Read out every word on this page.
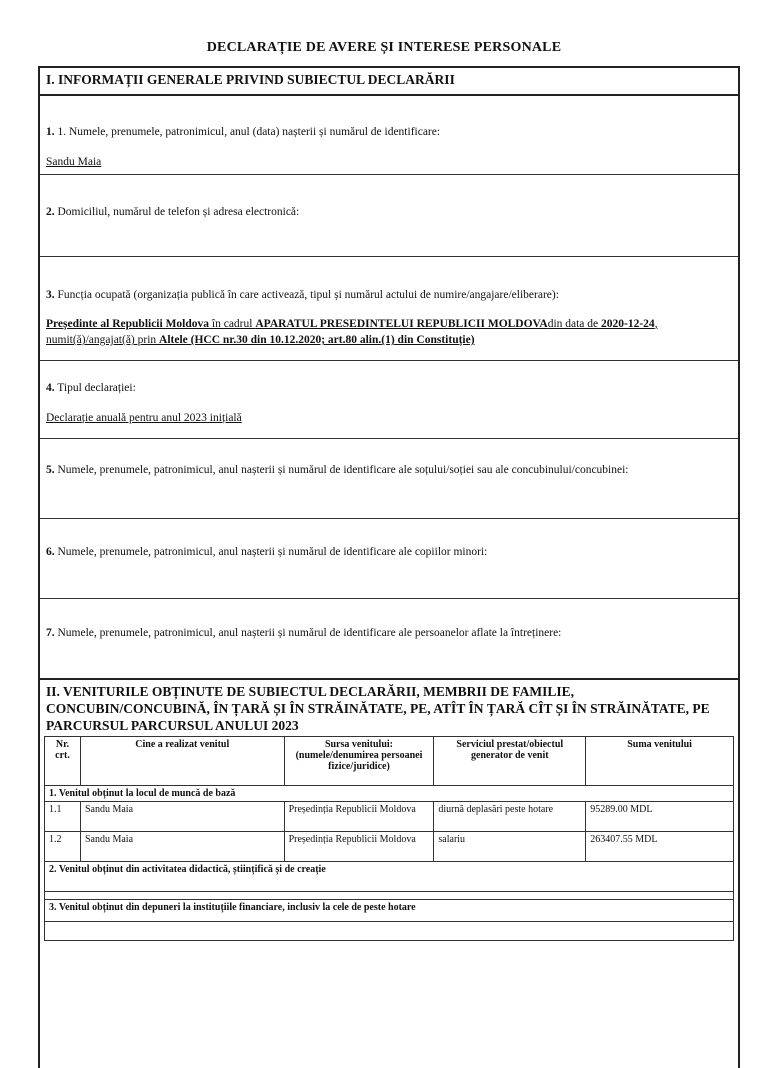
DECLARAȚIE DE AVERE ȘI INTERESE PERSONALE
I. INFORMAȚII GENERALE PRIVIND SUBIECTUL DECLARĂRII
1. 1. Numele, prenumele, patronimicul, anul (data) nașterii și numărul de identificare:
Sandu Maia
2. Domiciliul, numărul de telefon și adresa electronică:
3. Funcția ocupată (organizația publică în care activează, tipul și numărul actului de numire/angajare/eliberare):
Președinte al Republicii Moldova în cadrul APARATUL PRESEDINTELUI REPUBLICII MOLDOVAdin data de 2020-12-24, numit(ă)/angajat(ă) prin Altele (HCC nr.30 din 10.12.2020; art.80 alin.(1) din Constituție)
4. Tipul declarației:
Declarație anuală pentru anul 2023 inițială
5. Numele, prenumele, patronimicul, anul nașterii și numărul de identificare ale soțului/soției sau ale concubinului/concubinei:
6. Numele, prenumele, patronimicul, anul nașterii și numărul de identificare ale copiilor minori:
7. Numele, prenumele, patronimicul, anul nașterii și numărul de identificare ale persoanelor aflate la întreținere:
II. VENITURILE OBȚINUTE DE SUBIECTUL DECLARĂRII, MEMBRII DE FAMILIE, CONCUBIN/CONCUBINĂ, ÎN ȚARĂ ȘI ÎN STRĂINĂTATE, PE, ATÎT ÎN ȚARĂ CÎT ȘI ÎN STRĂINĂTATE, PE PARCURSUL PARCURSUL ANULUI 2023
Nr. crt.	Cine a realizat venitul	Sursa venitului: (numele/denumirea persoanei fizice/juridice)	Serviciul prestat/obiectul generator de venit	Suma venitului
1. Venitul obținut la locul de muncă de bază				
1.1	Sandu Maia	Președinția Republicii Moldova	diurnă deplasări peste hotare	95289.00 MDL
1.2	Sandu Maia	Președinția Republicii Moldova	salariu	263407.55 MDL
2. Venitul obținut din activitatea didactică, științifică și de creație				

3. Venitul obținut din depuneri la instituțiile financiare, inclusiv la cele de peste hotare				
